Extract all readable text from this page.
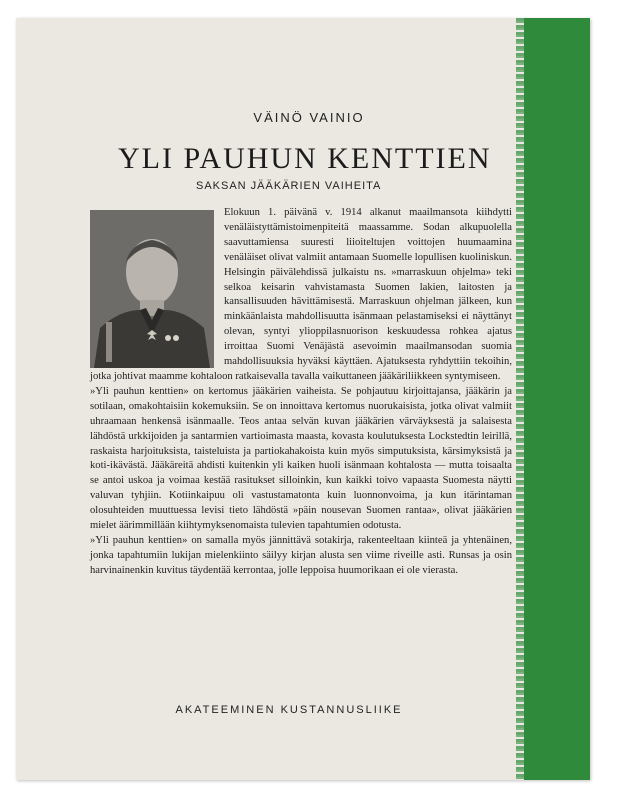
VÄINÖ VAINIO
YLI PAUHUN KENTTIEN
SAKSAN JÄÄKÄRIEN VAIHEITA

Elokuun 1. päivänä v. 1914 alkanut maailmansota kiihdytti venäläistyttämistoimenpiteitä maassamme. Sodan alkupuolella saavuttamiensa suuresti liioiteltujen voittojen huumaamina venäläiset olivat valmiit antamaan Suomelle lopullisen kuoliniskun. Helsingin päivälehdissä julkaistu ns. »marraskuun ohjelma» teki selkoa keisarin vahvistamasta Suomen lakien, laitosten ja kansallisuuden hävittämisestä. Marraskuun ohjelman jälkeen, kun minkäänlaista mahdollisuutta isänmaan pelastamiseksi ei näyttänyt olevan, syntyi ylioppilasnuorison keskuudessa rohkea ajatus irroittaa Suomi Venäjästä asevoimin maailmansodan suomia mahdollisuuksia hyväksi käyttäen. Ajatuksesta ryhdyttiin tekoihin, jotka johtivat maamme kohtaloon ratkaisevalla tavalla vaikuttaneen jääkäriliikkeen syntymiseen.

»Yli pauhun kenttien» on kertomus jääkärien vaiheista. Se pohjautuu kirjoittajansa, jääkärin ja sotilaan, omakohtaisiin kokemuksiin. Se on innoittava kertomus nuorukaisista, jotka olivat valmiit uhraamaan henkensä isänmaalle. Teos antaa selvän kuvan jääkärien värväyksestä ja salaisesta lähdöstä urkkijoiden ja santarmien vartioimasta maasta, kovasta koulutuksesta Lockstedtin leirillä, raskaista harjoituksista, taisteluista ja partiokahakoista kuin myös simputuksista, kärsimyksistä ja koti-ikävästä. Jääkäreitä ahdisti kuitenkin yli kaiken huoli isänmaan kohtalosta — mutta toisaalta se antoi uskoa ja voimaa kestää rasitukset silloinkin, kun kaikki toivo vapaasta Suomesta näytti valuvan tyhjiin. Kotiinkaipuu oli vastustamatonta kuin luonnonvoima, ja kun itärintaman olosuhteiden muuttuessa levisi tieto lähdöstä »päin nousevan Suomen rantaa», olivat jääkärien mielet äärimmillään kiihtymyksenomaista tulevien tapahtumien odotusta.

»Yli pauhun kenttien» on samalla myös jännittävä sotakirja, rakenteeltaan kiinteä ja yhtenäinen, jonka tapahtumiin lukijan mielenkiinto säilyy kirjan alusta sen viime riveille asti. Runsas ja osin harvinainenkin kuvitus täydentää kerrontaa, jolle leppoisa huumorikaan ei ole vierasta.

AKATEEMINEN KUSTANNUSLIIKE
